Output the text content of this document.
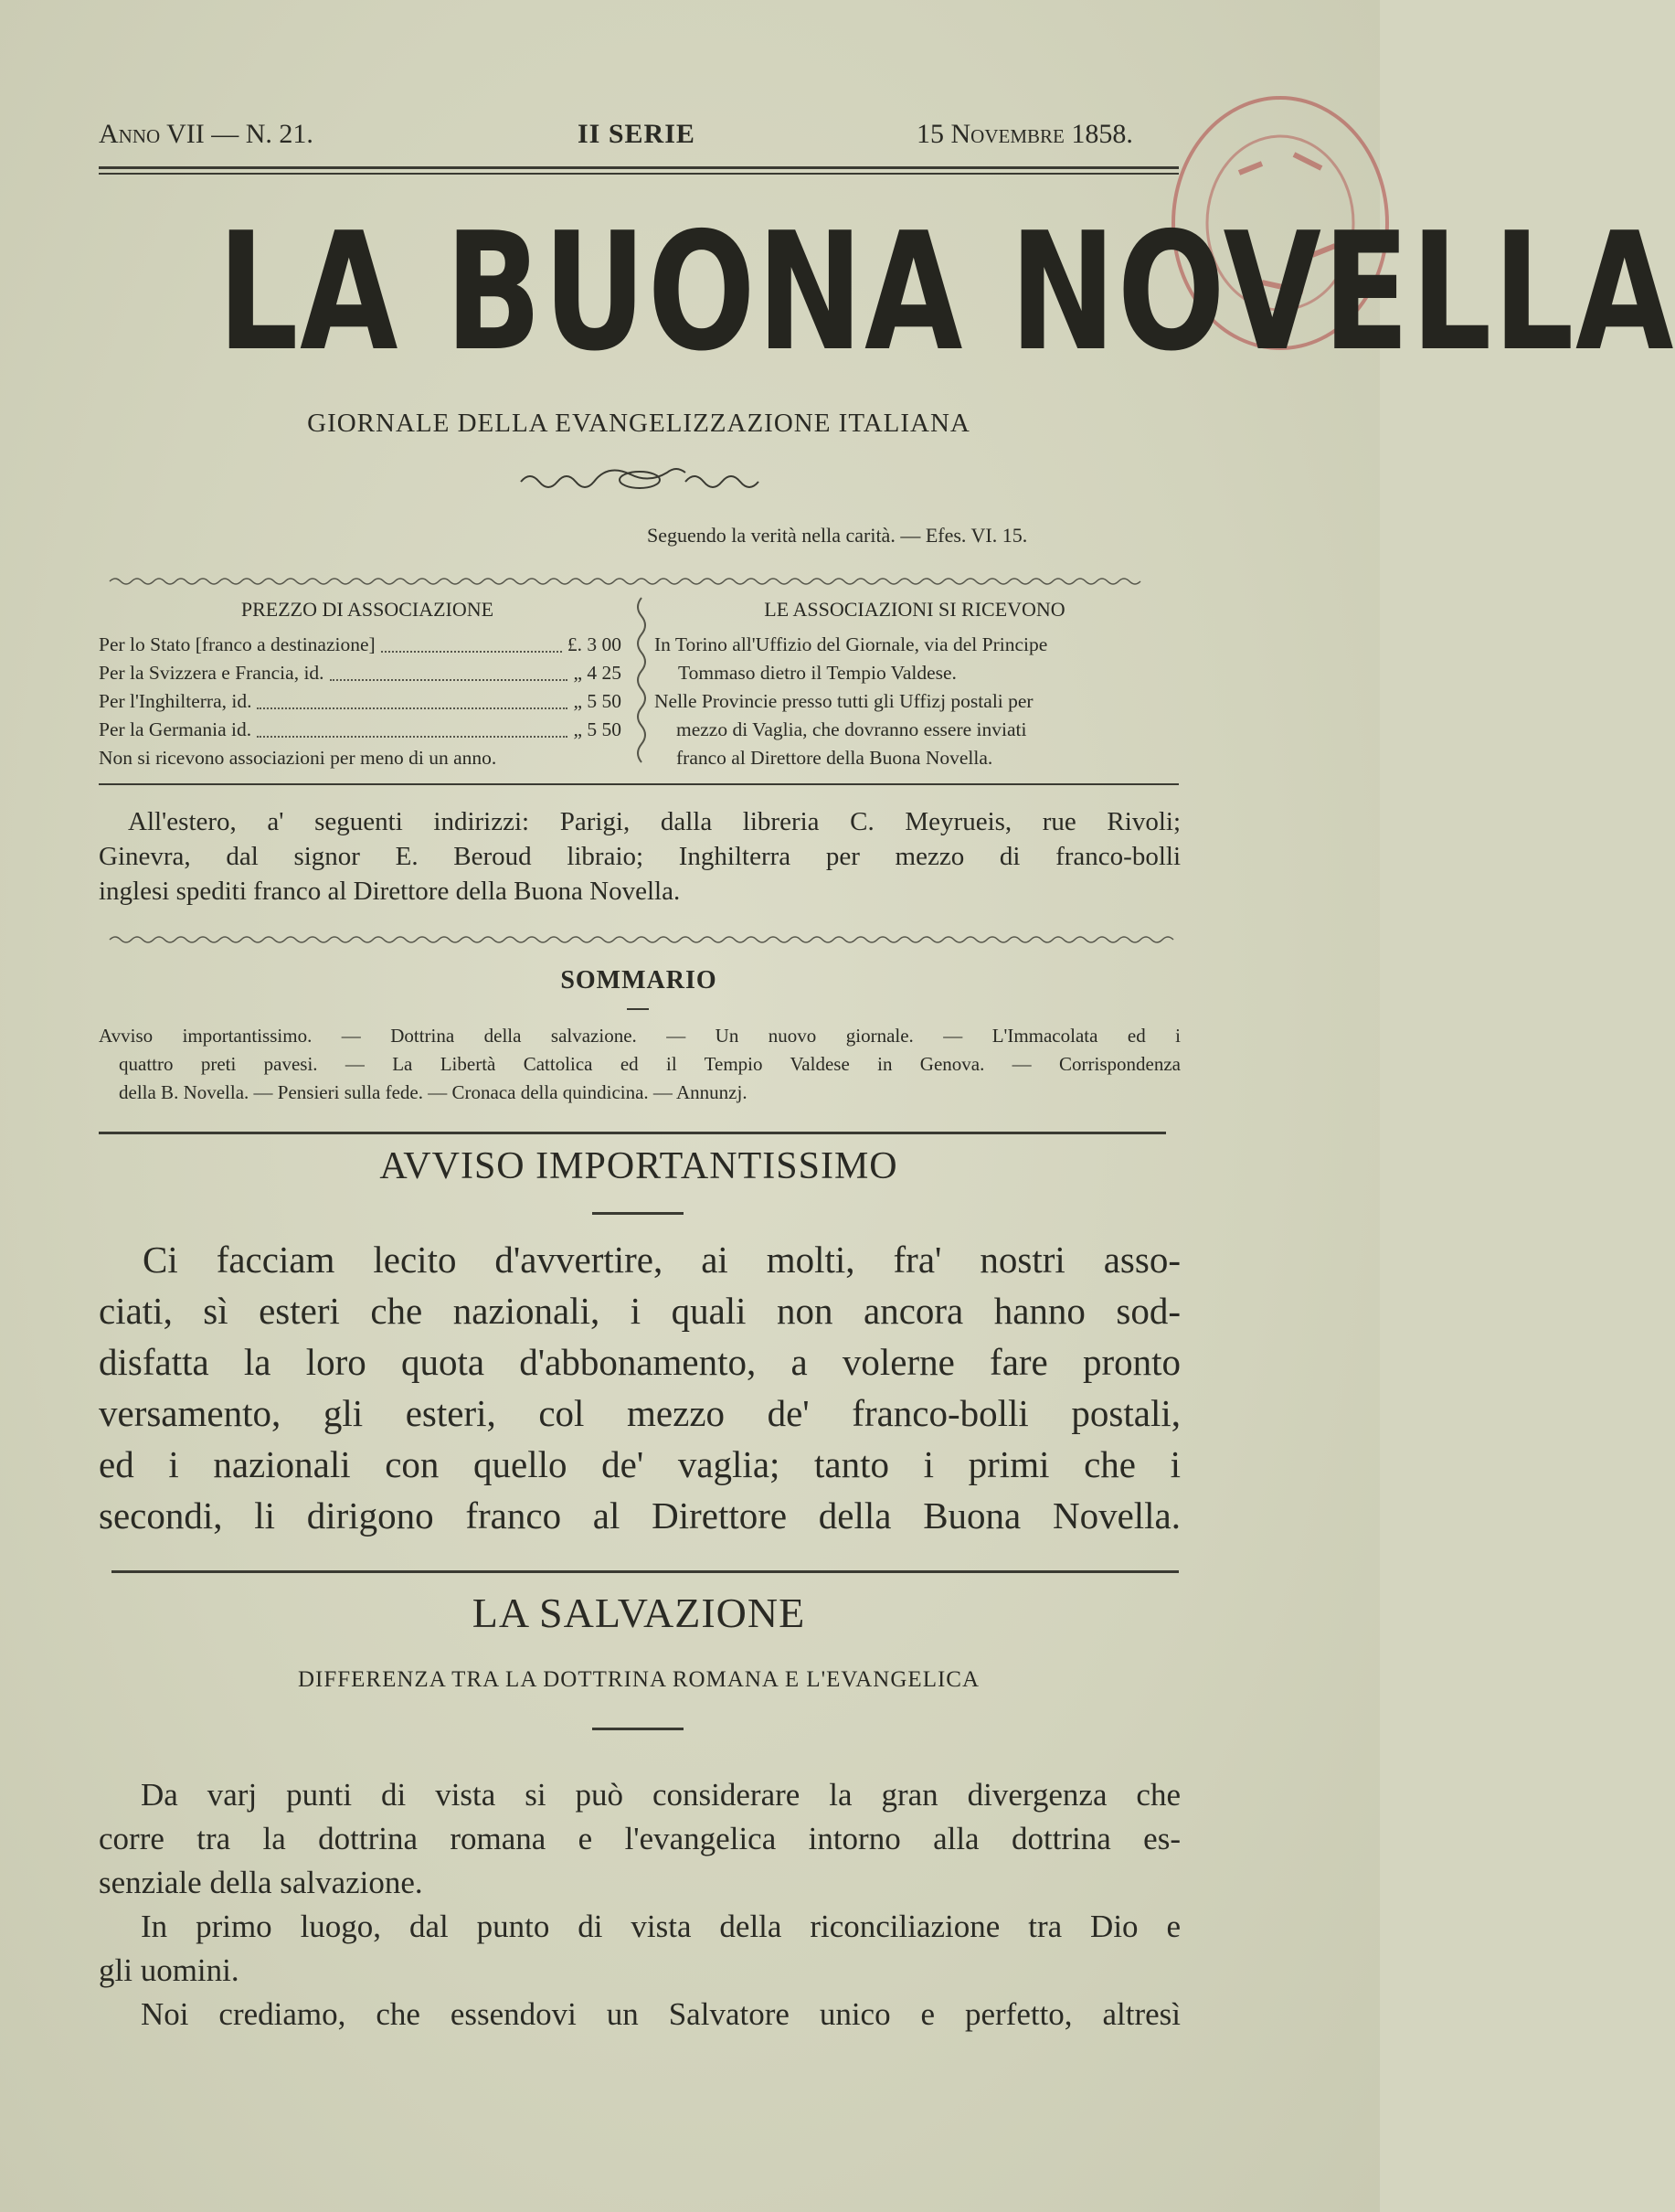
Anno VII — N. 21.	II SERIE	15 Novembre 1858.
LA BUONA NOVELLA
GIORNALE DELLA EVANGELIZZAZIONE ITALIANA
Seguendo la verità nella carità. — Efes. VI. 15.
PREZZO DI ASSOCIAZIONE
Per lo Stato [franco a destinazione]	£. 3 00
Per la Svizzera e Francia, id.	„ 4 25
Per l'Inghilterra, id.	„ 5 50
Per la Germania id.	„ 5 50
Non si ricevono associazioni per meno di un anno.
LE ASSOCIAZIONI SI RICEVONO
In Torino all'Uffizio del Giornale, via del Principe
Tommaso dietro il Tempio Valdese.
Nelle Provincie presso tutti gli Uffizj postali per
mezzo di Vaglia, che dovranno essere inviati
franco al Direttore della Buona Novella.
All'estero, a' seguenti indirizzi: Parigi, dalla libreria C. Meyrueis, rue Rivoli;
Ginevra, dal signor E. Beroud libraio; Inghilterra per mezzo di franco-bolli
inglesi spediti franco al Direttore della Buona Novella.
SOMMARIO
Avviso importantissimo. — Dottrina della salvazione. — Un nuovo giornale. — L'Immacolata ed i
quattro preti pavesi. — La Libertà Cattolica ed il Tempio Valdese in Genova. — Corrispondenza
della B. Novella. — Pensieri sulla fede. — Cronaca della quindicina. — Annunzj.
AVVISO IMPORTANTISSIMO
Ci facciam lecito d'avvertire, ai molti, fra' nostri asso-
ciati, sì esteri che nazionali, i quali non ancora hanno sod-
disfatta la loro quota d'abbonamento, a volerne fare pronto
versamento, gli esteri, col mezzo de' franco-bolli postali,
ed i nazionali con quello de' vaglia; tanto i primi che i
secondi, li dirigono franco al Direttore della Buona Novella.
LA SALVAZIONE
DIFFERENZA TRA LA DOTTRINA ROMANA E L'EVANGELICA
Da varj punti di vista si può considerare la gran divergenza che
corre tra la dottrina romana e l'evangelica intorno alla dottrina es-
senziale della salvazione.
In primo luogo, dal punto di vista della riconciliazione tra Dio e
gli uomini.
Noi crediamo, che essendovi un Salvatore unico e perfetto, altresì
